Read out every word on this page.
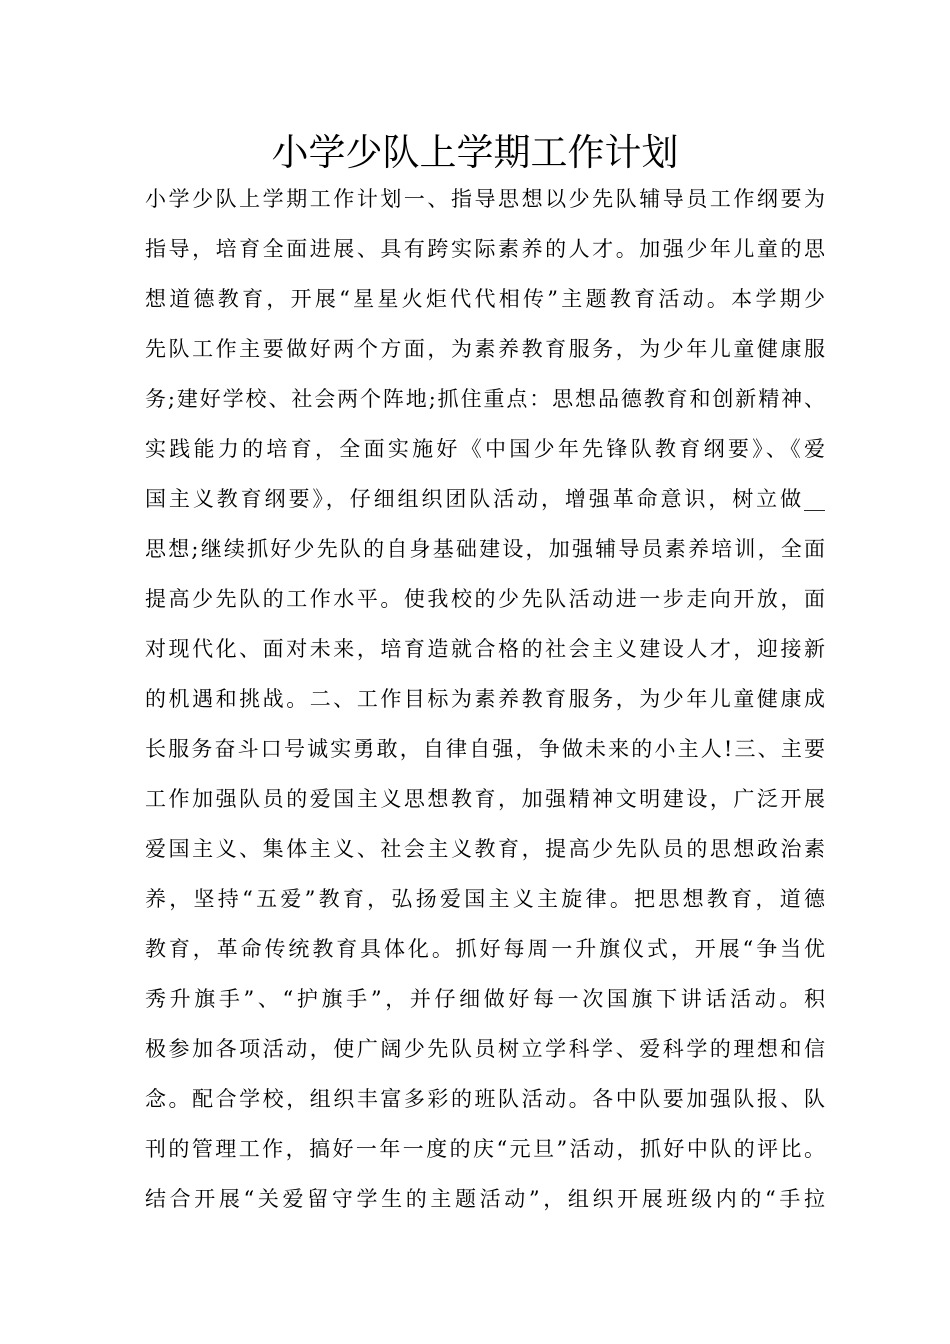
小学少队上学期工作计划
小学少队上学期工作计划一、指导思想以少先队辅导员工作纲要为
指导，培育全面进展、具有跨实际素养的人才。加强少年儿童的思
想道德教育，开展“星星火炬代代相传”主题教育活动。本学期少
先队工作主要做好两个方面，为素养教育服务，为少年儿童健康服
务;建好学校、社会两个阵地;抓住重点：思想品德教育和创新精神、
实践能力的培育，全面实施好《中国少年先锋队教育纲要》、《爱
国主义教育纲要》，仔细组织团队活动，增强革命意识，树立做__
思想;继续抓好少先队的自身基础建设，加强辅导员素养培训，全面
提高少先队的工作水平。使我校的少先队活动进一步走向开放，面
对现代化、面对未来，培育造就合格的社会主义建设人才，迎接新
的机遇和挑战。二、工作目标为素养教育服务，为少年儿童健康成
长服务奋斗口号诚实勇敢，自律自强，争做未来的小主人!三、主要
工作加强队员的爱国主义思想教育，加强精神文明建设，广泛开展
爱国主义、集体主义、社会主义教育，提高少先队员的思想政治素
养，坚持“五爱”教育，弘扬爱国主义主旋律。把思想教育，道德
教育，革命传统教育具体化。抓好每周一升旗仪式，开展“争当优
秀升旗手”、“护旗手”，并仔细做好每一次国旗下讲话活动。积
极参加各项活动，使广阔少先队员树立学科学、爱科学的理想和信
念。配合学校，组织丰富多彩的班队活动。各中队要加强队报、队
刊的管理工作，搞好一年一度的庆“元旦”活动，抓好中队的评比。
结合开展“关爱留守学生的主题活动”，组织开展班级内的“手拉
